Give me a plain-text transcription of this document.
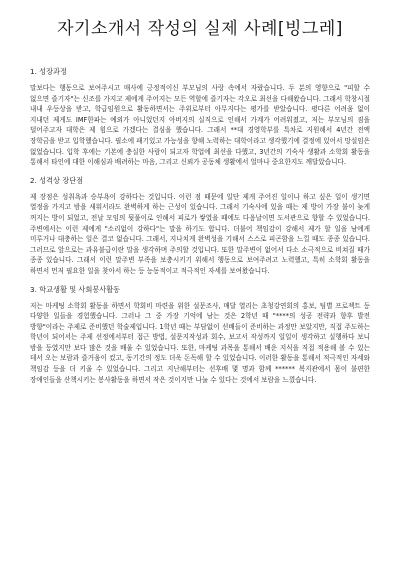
자기소개서 작성의 실제 사례[빙그레]

1. 성장과정

말보다는 행동으로 보여주시고 매사에 긍정적이신 부모님의 사랑 속에서 자랐습니다. 두 분의 영향으로 "피할 수 없으면 즐기자"는 신조를 가지고 제에게 주어지는 모든 역할에 즐기자는 각오로 최선을 다해왔습니다. 그래서 학창시절 내내 우등상을 받고, 학급임원으로 활동하면서는 주위로부터 아무지다는 평가를 받았습니다. 평다른 어려움 없이 지내던 제게도 IMF한파는 예외가 아니었던지 아버지의 실직으로 인해서 가계가 어려워졌고, 저는 부모님의 짐을 덜어주고자 대학은 제 힘으로 가겠다는 결심을 했습니다. 그래서 **대 경영학부를 특차로 지원해서 4년간 전액 장학금을 받고 입학했습니다. 필소에 패기있고 가능성을 향해 노력하는 대학이라고 생각했기에 결정에 있어서 망설임은 없었습니다. 입학 후에는 기본에 충실한 사람이 되고자 학업에 최선을 다했고, 3년간의 기숙사 생활과 소학회 활동을 통해서 타인에 대한 이해심과 배려하는 마음, 그리고 신뢰가 공동체 생활에서 얼마나 중요한지도 깨달았습니다.

2. 성격상 장단점

제 장점은 성취욕과 승부욕이 강하다는 것입니다. 이런 점 때문에 일단 제게 주어진 일이나 하고 싶은 일이 생기면 열정을 가지고 밤을 새워서라도 완벽하게 하는 근성이 있습니다. 그래서 기숙사에 있을 때는 제 방이 가장 불이 늦게 꺼지는 방이 되었고, 전날 모임의 뒷풀이로 인해서 피로가 쌓였을 때에도 다음날이면 도서관으로 향할 수 있었습니다. 주변에서는 이런 제에게 "소리없이 강하다"는 말을 하기도 합니다. 더불어 책임감이 강해서 제가 할 일을 남에게 미루거나 대충하는 일은 결코 없습니다. 그래서, 지나치게 완벽성을 기해서 스스로 피곤함을 느낄 때도 종종 있습니다. 그러므로 앞으로는 과유불급이란 말을 생각하며 주의할 것입니다. 또한 말주변이 없어서 다소 소극적으로 비쳐질 때가 종종 있습니다. 그래서 이런 말주변 부족을 보충시키기 위해서 행동으로 보여주려고 노력했고, 특히 소학회 활동을 하면서 먼저 필요한 일을 찾아서 하는 등 능동적이고 적극적인 자세를 보여왔습니다.

3. 학교생활 및 사회봉사활동

저는 마케팅 소학회 활동을 하면서 학회비 마련을 위한 설문조사, 매달 열리는 초청강연회의 홍보, 팀별 프로젝트 등 다양한 일들을 경험했습니다. 그러나 그 중 가장 기억에 남는 것은 2학년 때 "****의 성공 전략과 향후 발전 방향"이라는 주제로 준비했던 학술제입니다. 1학년 때는 부담없이 선배들이 준비하는 과정만 보았지만, 직접 주도하는 학년이 되어서는 주제 선정에서부터 접근 방법, 설문지작성과 회수, 보고서 작성까지 일일이 생각하고 실행하다 보니 밤을 등였지만 보다 많은 것을 배울 수 있었습니다. 또한, 마케팅 과목을 통해서 배운 지식을 직접 적용해 볼 수 있는 데서 오는 보람과 즐거움이 컸고, 동기간의 정도 더욱 돈독해 할 수 있었습니다. 이러한 활동을 통해서 적극적인 자세와 책임감 등을 더 키울 수 있었습니다. 그리고 지난해부터는 선후배 몇 명과 함께 ****** 복지관에서 몸이 불편한 장애인들을 산책시키는 봉사활동을 하면서 작은 것이지만 나눌 수 있다는 것에서 보람을 느꼈습니다.
